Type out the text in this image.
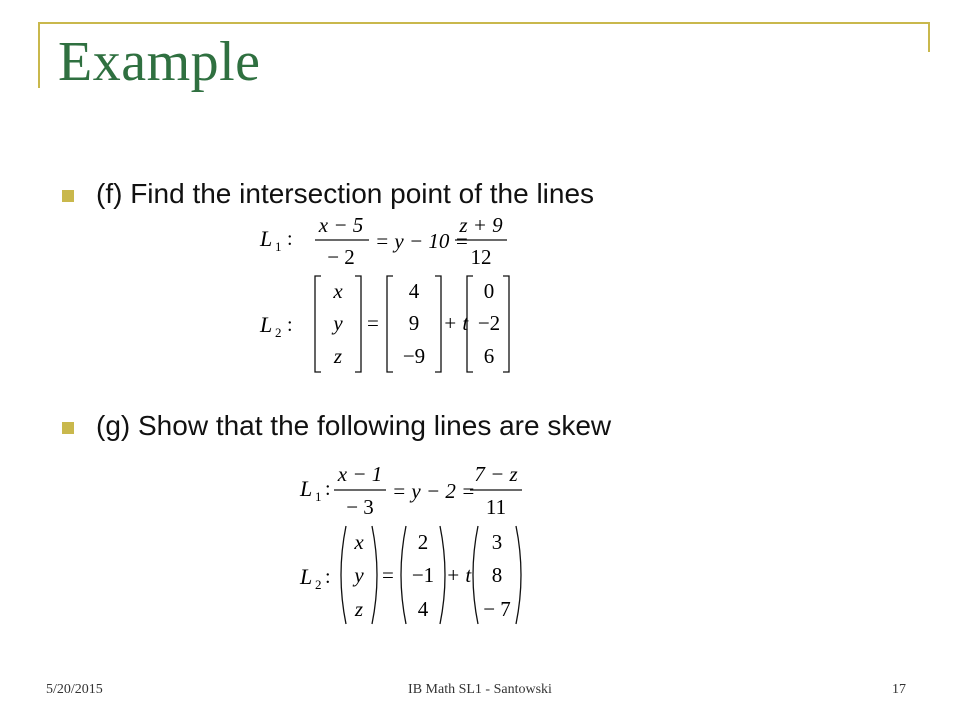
Example
(f) Find the intersection point of the lines
L 1 :
x − 5
− 2
= y − 10 =
z + 9
12
L 2 :
x
y
z
=
4
9
−9
+ t
0
−2
6
(g) Show that the following lines are skew
L 1 :
x − 1
− 3
= y − 2 =
7 − z
11
L 2 :
x
y
z
=
2
−1
4
+ t
3
8
− 7
5/20/2015	IB Math SL1 - Santowski	17
